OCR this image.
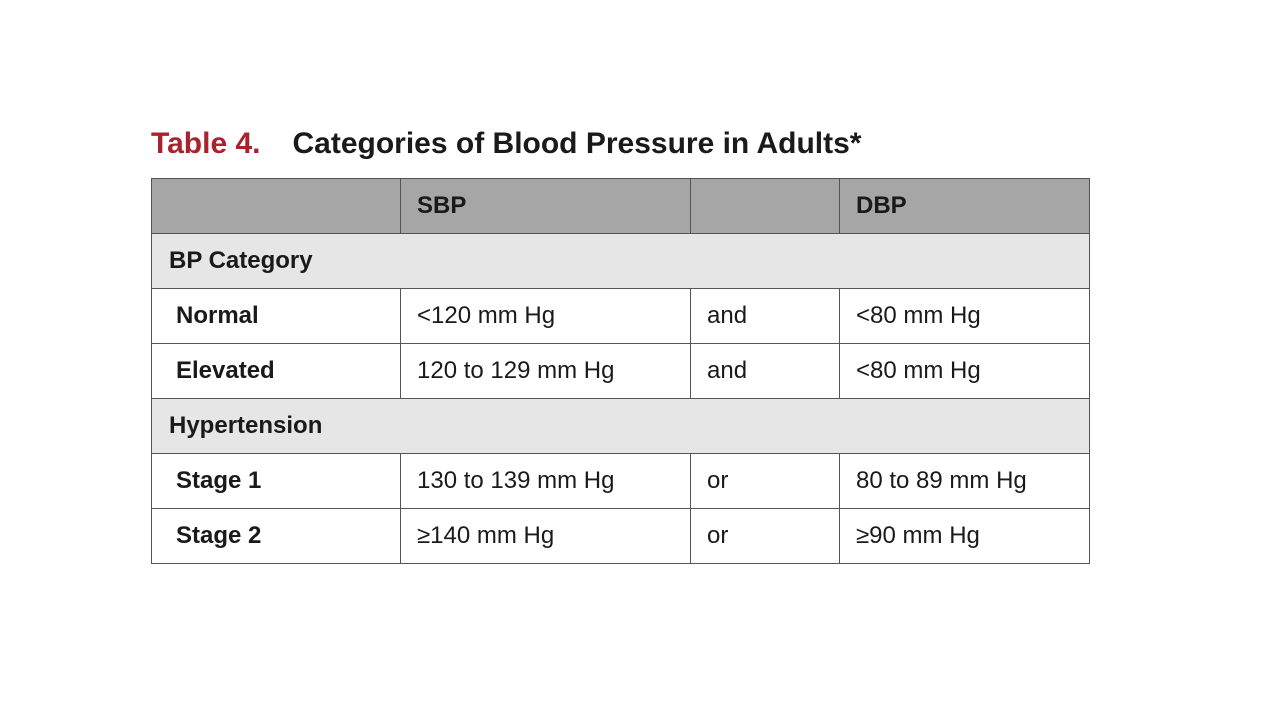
Table 4. Categories of Blood Pressure in Adults*
	SBP		DBP
BP Category			
Normal	<120 mm Hg	and	<80 mm Hg
Elevated	120 to 129 mm Hg	and	<80 mm Hg
Hypertension			
Stage 1	130 to 139 mm Hg	or	80 to 89 mm Hg
Stage 2	≥140 mm Hg	or	≥90 mm Hg
